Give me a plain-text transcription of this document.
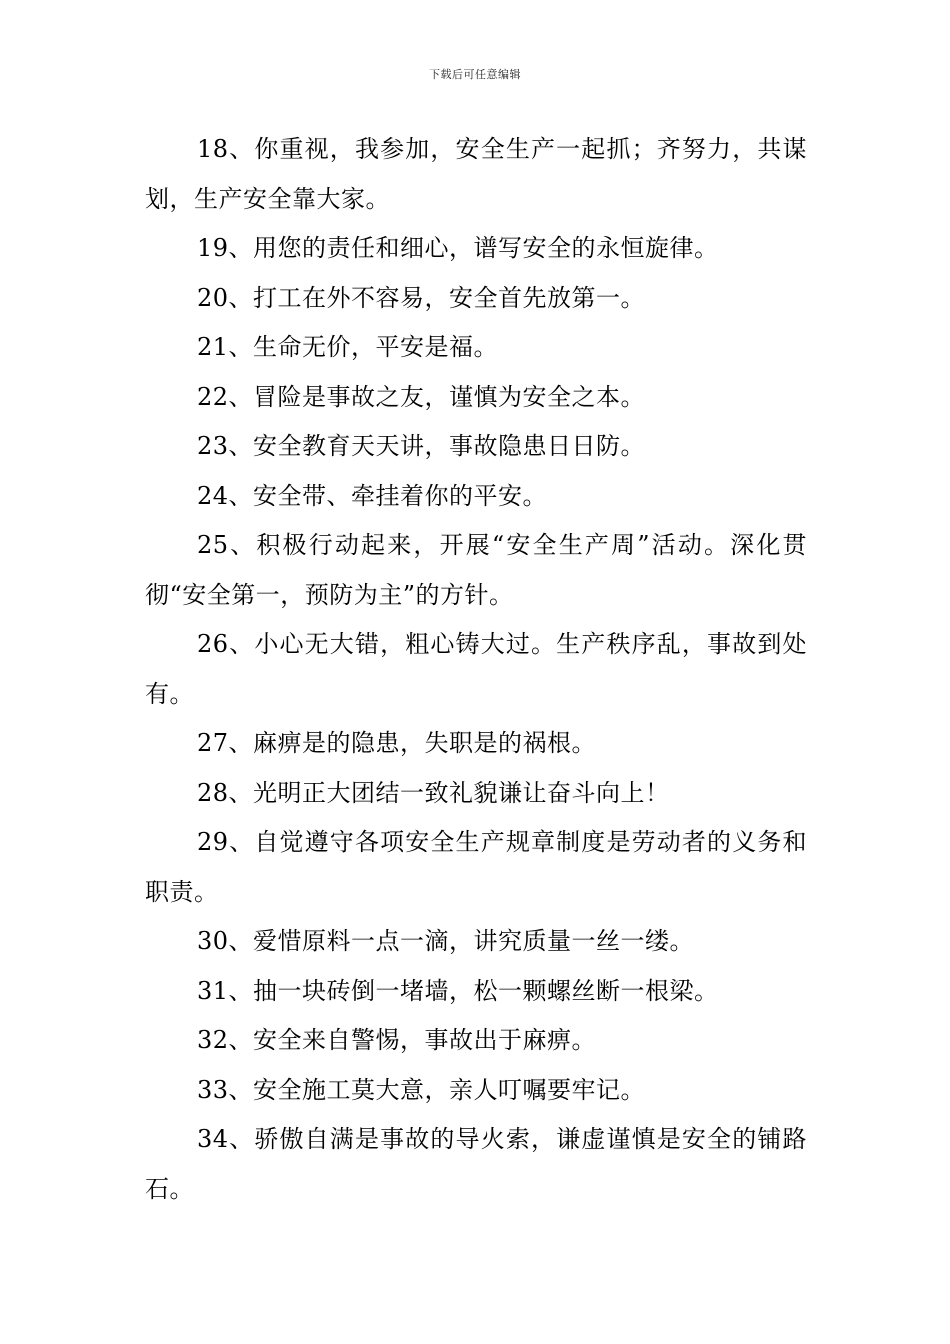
下载后可任意编辑

18、你重视，我参加，安全生产一起抓；齐努力，共谋划，生产安全靠大家。

19、用您的责任和细心，谱写安全的永恒旋律。

20、打工在外不容易，安全首先放第一。

21、生命无价，平安是福。

22、冒险是事故之友，谨慎为安全之本。

23、安全教育天天讲，事故隐患日日防。

24、安全带、牵挂着你的平安。

25、积极行动起来，开展“安全生产周”活动。深化贯彻“安全第一，预防为主”的方针。

26、小心无大错，粗心铸大过。生产秩序乱，事故到处有。

27、麻痹是的隐患，失职是的祸根。

28、光明正大团结一致礼貌谦让奋斗向上！

29、自觉遵守各项安全生产规章制度是劳动者的义务和职责。

30、爱惜原料一点一滴，讲究质量一丝一缕。

31、抽一块砖倒一堵墙，松一颗螺丝断一根梁。

32、安全来自警惕，事故出于麻痹。

33、安全施工莫大意，亲人叮嘱要牢记。

34、骄傲自满是事故的导火索，谦虚谨慎是安全的铺路石。
